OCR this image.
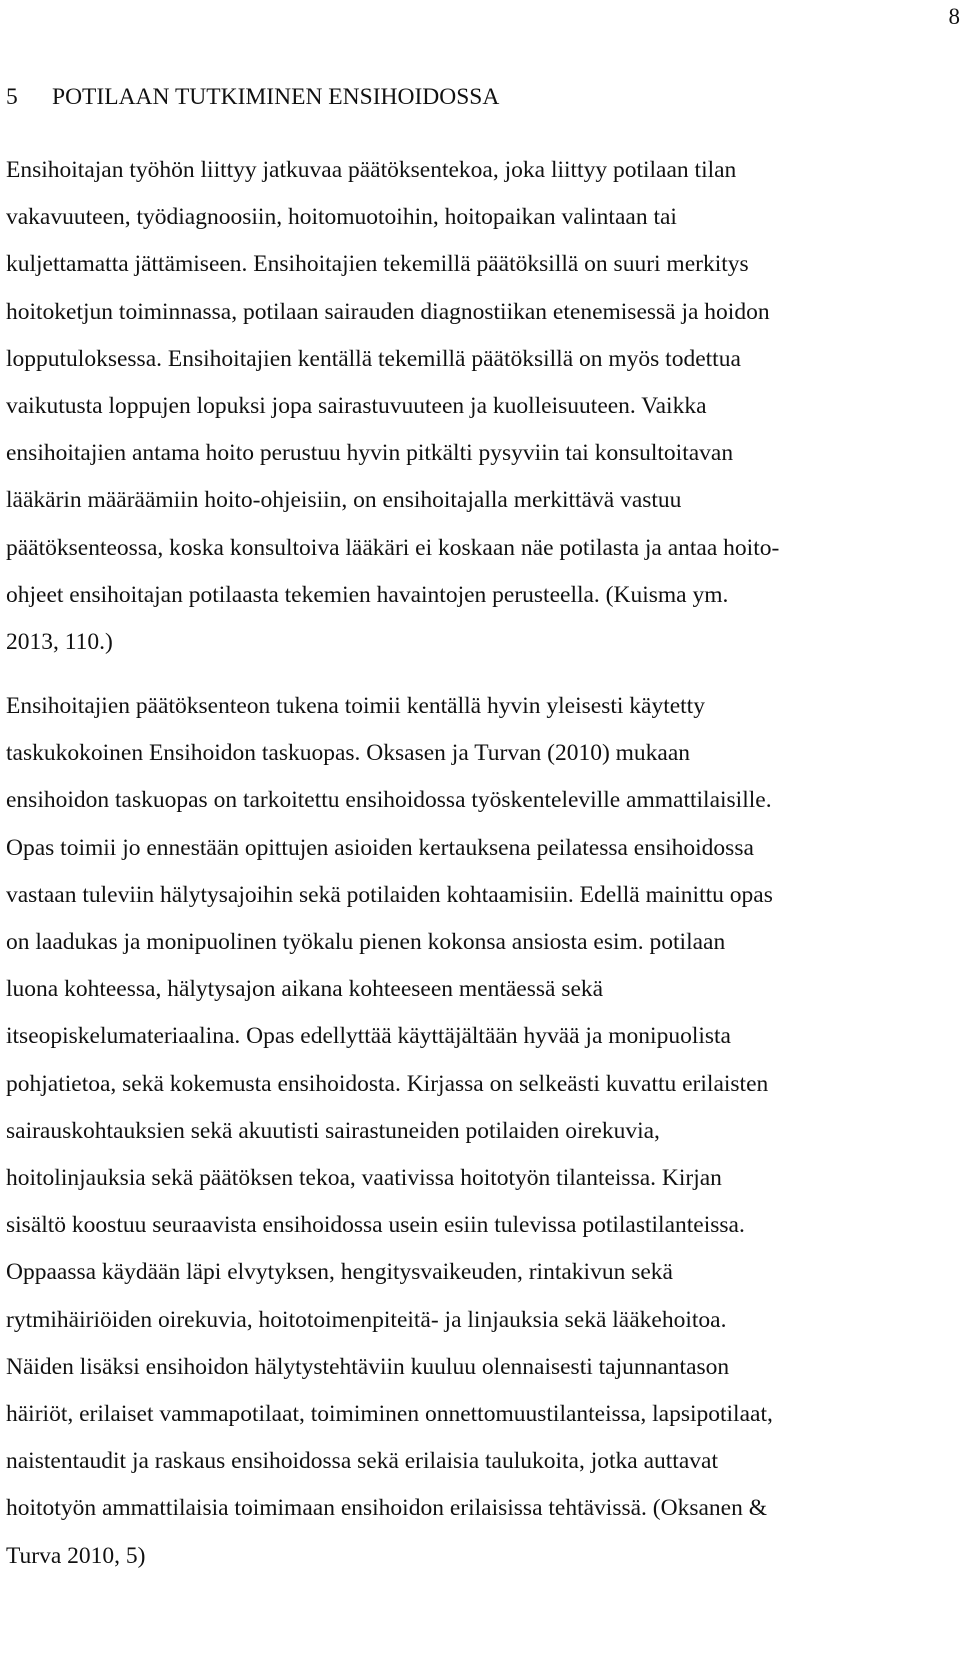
8
5 POTILAAN TUTKIMINEN ENSIHOIDOSSA
Ensihoitajan työhön liittyy jatkuvaa päätöksentekoa, joka liittyy potilaan tilan
vakavuuteen, työdiagnoosiin, hoitomuotoihin, hoitopaikan valintaan tai
kuljettamatta jättämiseen. Ensihoitajien tekemillä päätöksillä on suuri merkitys
hoitoketjun toiminnassa, potilaan sairauden diagnostiikan etenemisessä ja hoidon
lopputuloksessa. Ensihoitajien kentällä tekemillä päätöksillä on myös todettua
vaikutusta loppujen lopuksi jopa sairastuvuuteen ja kuolleisuuteen. Vaikka
ensihoitajien antama hoito perustuu hyvin pitkälti pysyviin tai konsultoitavan
lääkärin määräämiin hoito-ohjeisiin, on ensihoitajalla merkittävä vastuu
päätöksenteossa, koska konsultoiva lääkäri ei koskaan näe potilasta ja antaa hoito-
ohjeet ensihoitajan potilaasta tekemien havaintojen perusteella. (Kuisma ym.
2013, 110.)
Ensihoitajien päätöksenteon tukena toimii kentällä hyvin yleisesti käytetty
taskukokoinen Ensihoidon taskuopas. Oksasen ja Turvan (2010) mukaan
ensihoidon taskuopas on tarkoitettu ensihoidossa työskenteleville ammattilaisille.
Opas toimii jo ennestään opittujen asioiden kertauksena peilatessa ensihoidossa
vastaan tuleviin hälytysajoihin sekä potilaiden kohtaamisiin. Edellä mainittu opas
on laadukas ja monipuolinen työkalu pienen kokonsa ansiosta esim. potilaan
luona kohteessa, hälytysajon aikana kohteeseen mentäessä sekä
itseopiskelumateriaalina. Opas edellyttää käyttäjältään hyvää ja monipuolista
pohjatietoa, sekä kokemusta ensihoidosta. Kirjassa on selkeästi kuvattu erilaisten
sairauskohtauksien sekä akuutisti sairastuneiden potilaiden oirekuvia,
hoitolinjauksia sekä päätöksen tekoa, vaativissa hoitotyön tilanteissa. Kirjan
sisältö koostuu seuraavista ensihoidossa usein esiin tulevissa potilastilanteissa.
Oppaassa käydään läpi elvytyksen, hengitysvaikeuden, rintakivun sekä
rytmihäiriöiden oirekuvia, hoitotoimenpiteitä- ja linjauksia sekä lääkehoitoa.
Näiden lisäksi ensihoidon hälytystehtäviin kuuluu olennaisesti tajunnantason
häiriöt, erilaiset vammapotilaat, toimiminen onnettomuustilanteissa, lapsipotilaat,
naistentaudit ja raskaus ensihoidossa sekä erilaisia taulukoita, jotka auttavat
hoitotyön ammattilaisia toimimaan ensihoidon erilaisissa tehtävissä. (Oksanen &
Turva 2010, 5)
